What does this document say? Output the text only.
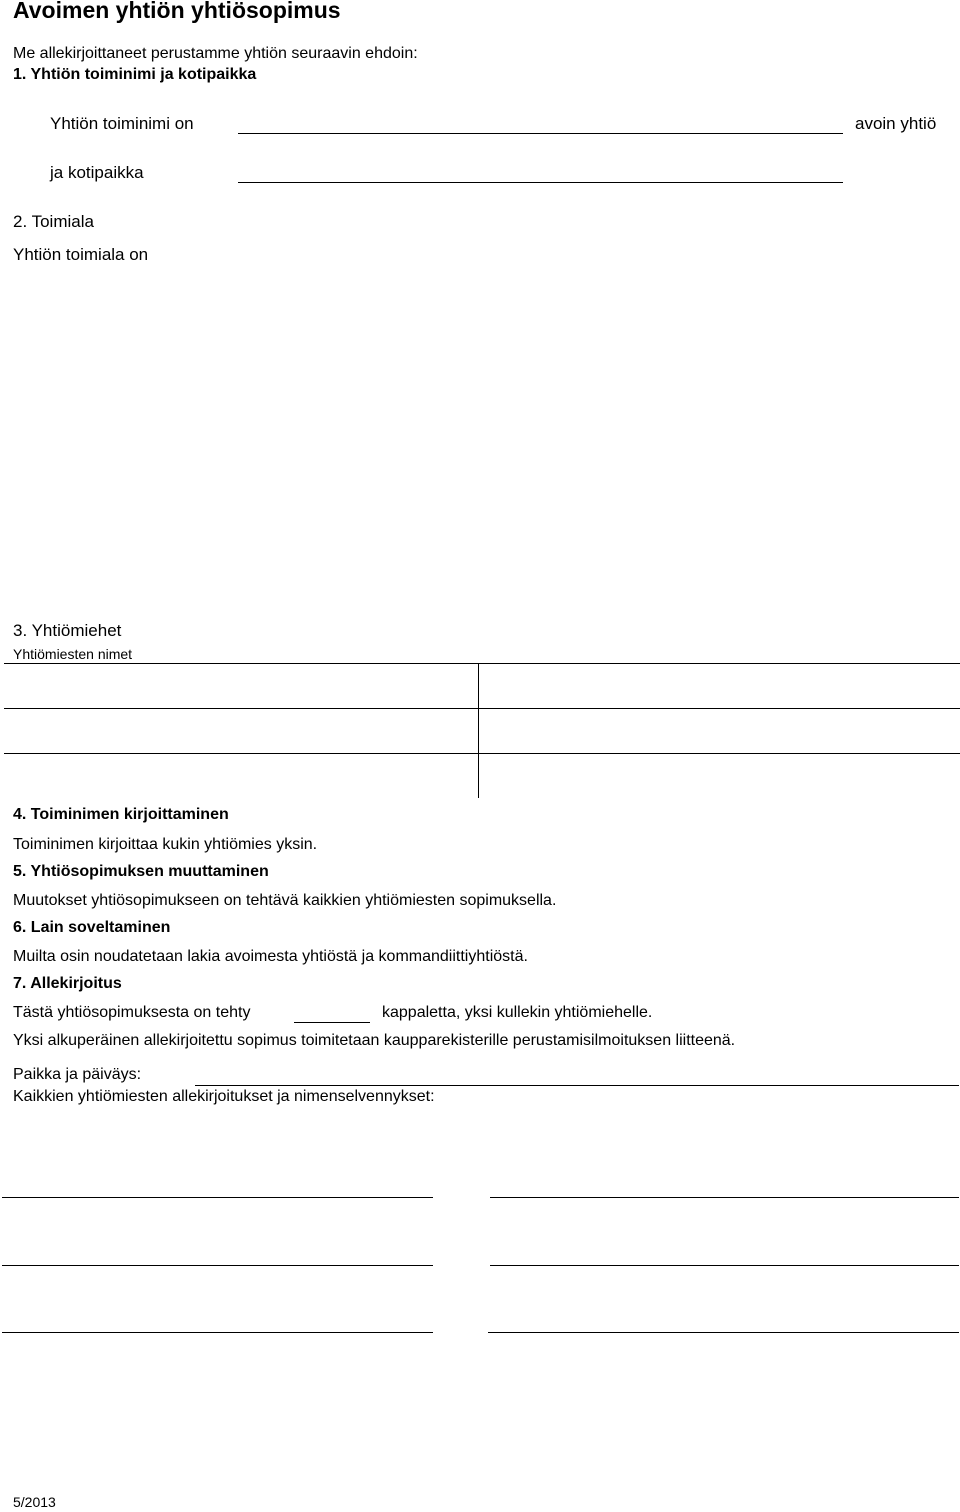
Avoimen yhtiön yhtiösopimus
Me allekirjoittaneet perustamme yhtiön seuraavin ehdoin:
1. Yhtiön toiminimi ja kotipaikka
Yhtiön toiminimi on	avoin yhtiö
ja kotipaikka
2. Toimiala
Yhtiön toimiala on
3. Yhtiömiehet
Yhtiömiesten nimet
4. Toiminimen kirjoittaminen
Toiminimen kirjoittaa kukin yhtiömies yksin.
5. Yhtiösopimuksen muuttaminen
Muutokset yhtiösopimukseen on tehtävä kaikkien yhtiömiesten sopimuksella.
6. Lain soveltaminen
Muilta osin noudatetaan lakia avoimesta yhtiöstä ja kommandiittiyhtiöstä.
7. Allekirjoitus
Tästä yhtiösopimuksesta on tehty	kappaletta, yksi kullekin yhtiömiehelle.
Yksi alkuperäinen allekirjoitettu sopimus toimitetaan kaupparekisterille perustamisilmoituksen liitteenä.
Paikka ja päiväys:
Kaikkien yhtiömiesten allekirjoitukset ja nimenselvennykset:
5/2013
